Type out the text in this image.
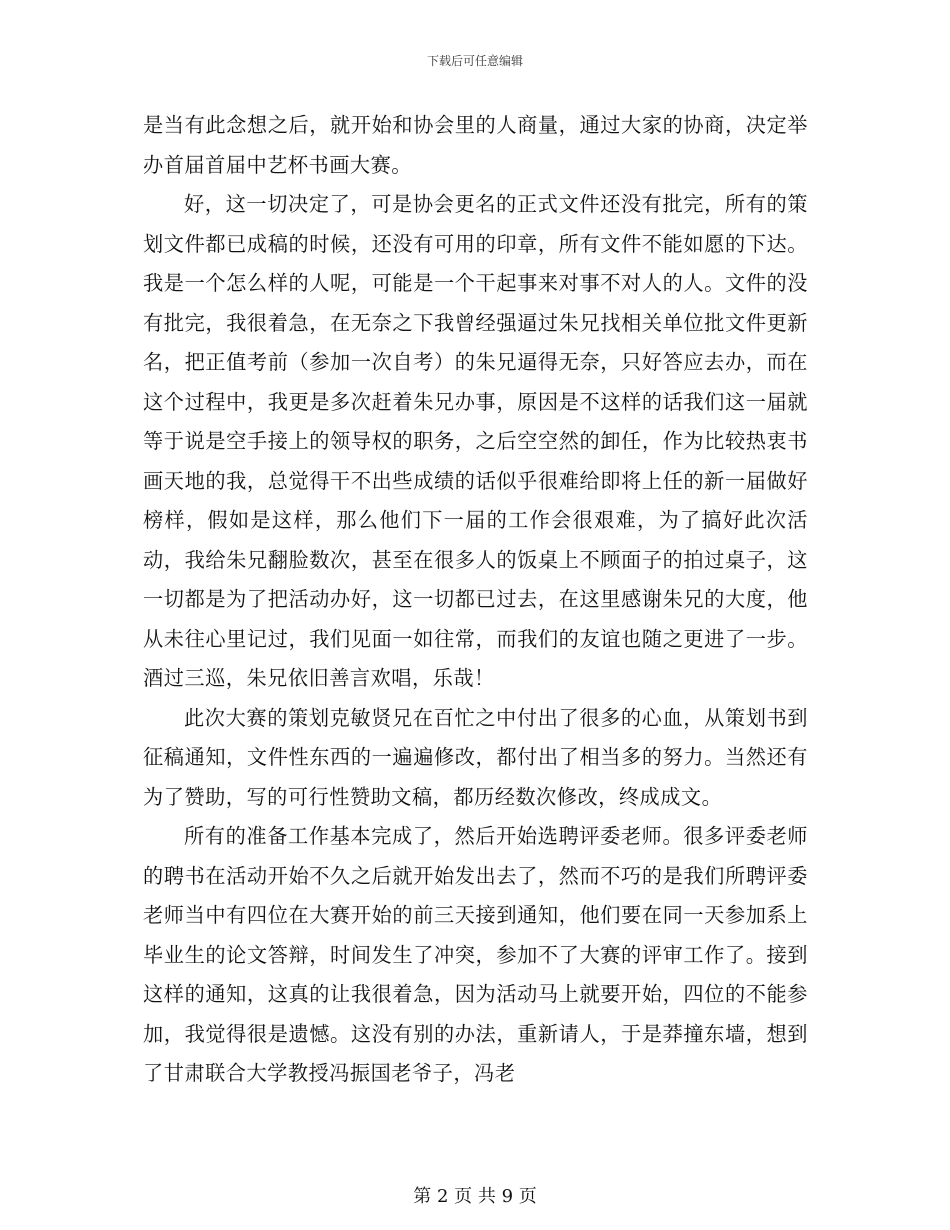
下载后可任意编辑

是当有此念想之后，就开始和协会里的人商量，通过大家的协商，决定举办首届首届中艺杯书画大赛。

好，这一切决定了，可是协会更名的正式文件还没有批完，所有的策划文件都已成稿的时候，还没有可用的印章，所有文件不能如愿的下达。我是一个怎么样的人呢，可能是一个干起事来对事不对人的人。文件的没有批完，我很着急，在无奈之下我曾经强逼过朱兄找相关单位批文件更新名，把正值考前（参加一次自考）的朱兄逼得无奈，只好答应去办，而在这个过程中，我更是多次赶着朱兄办事，原因是不这样的话我们这一届就等于说是空手接上的领导权的职务，之后空空然的卸任，作为比较热衷书画天地的我，总觉得干不出些成绩的话似乎很难给即将上任的新一届做好榜样，假如是这样，那么他们下一届的工作会很艰难，为了搞好此次活动，我给朱兄翻脸数次，甚至在很多人的饭桌上不顾面子的拍过桌子，这一切都是为了把活动办好，这一切都已过去，在这里感谢朱兄的大度，他从未往心里记过，我们见面一如往常，而我们的友谊也随之更进了一步。酒过三巡，朱兄依旧善言欢唱，乐哉！

此次大赛的策划克敏贤兄在百忙之中付出了很多的心血，从策划书到征稿通知，文件性东西的一遍遍修改，都付出了相当多的努力。当然还有为了赞助，写的可行性赞助文稿，都历经数次修改，终成成文。

所有的准备工作基本完成了，然后开始选聘评委老师。很多评委老师的聘书在活动开始不久之后就开始发出去了，然而不巧的是我们所聘评委老师当中有四位在大赛开始的前三天接到通知，他们要在同一天参加系上毕业生的论文答辩，时间发生了冲突，参加不了大赛的评审工作了。接到这样的通知，这真的让我很着急，因为活动马上就要开始，四位的不能参加，我觉得很是遗憾。这没有别的办法，重新请人，于是莽撞东墙，想到了甘肃联合大学教授冯振国老爷子，冯老

第 2 页 共 9 页
